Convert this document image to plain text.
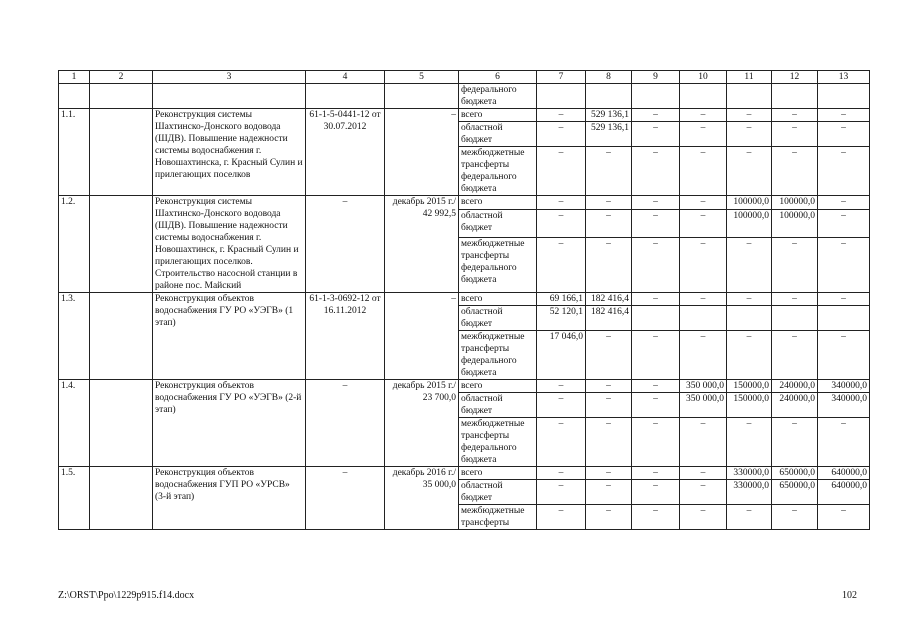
1	2	3	4	5	6	7	8	9	10	11	12	13
					федерального бюджета							
1.1.		Реконструкция системы Шахтинско-Донского водовода (ШДВ). Повышение надежности системы водоснабжения г. Новошахтинска, г. Красный Сулин и прилегающих поселков	61-1-5-0441-12 от 30.07.2012	–	всего	–	529 136,1	–	–	–	–	–
					областной бюджет	–	529 136,1	–	–	–	–	–
					межбюджетные трансферты федерального бюджета	–	–	–	–	–	–	–
1.2.		Реконструкция системы Шахтинско-Донского водовода (ШДВ). Повышение надежности системы водоснабжения г. Новошахтинск, г. Красный Сулин и прилегающих поселков. Строительство насосной станции в районе пос. Майский	–	декабрь 2015 г./ 42 992,5	всего	–	–	–	–	100000,0	100000,0	–
					областной бюджет	–	–	–	–	100000,0	100000,0	–
					межбюджетные трансферты федерального бюджета	–	–	–	–	–	–	–
1.3.		Реконструкция объектов водоснабжения ГУ РО «УЭГВ» (1 этап)	61-1-3-0692-12 от 16.11.2012	–	всего	69 166,1	182 416,4	–	–	–	–	–
					областной бюджет	52 120,1	182 416,4					
					межбюджетные трансферты федерального бюджета	17 046,0	–	–	–	–	–	–
1.4.		Реконструкция объектов водоснабжения ГУ РО «УЭГВ» (2-й этап)	–	декабрь 2015 г./ 23 700,0	всего	–	–	–	350 000,0	150000,0	240000,0	340000,0
					областной бюджет	–	–	–	350 000,0	150000,0	240000,0	340000,0
					межбюджетные трансферты федерального бюджета	–	–	–	–	–	–	–
1.5.		Реконструкция объектов водоснабжения ГУП РО «УРСВ» (3-й этап)	–	декабрь 2016 г./ 35 000,0	всего	–	–	–	–	330000,0	650000,0	640000,0
					областной бюджет	–	–	–	–	330000,0	650000,0	640000,0
					межбюджетные трансферты	–	–	–	–	–	–	–
Z:\ORST\Ppo\1229p915.f14.docx	102
